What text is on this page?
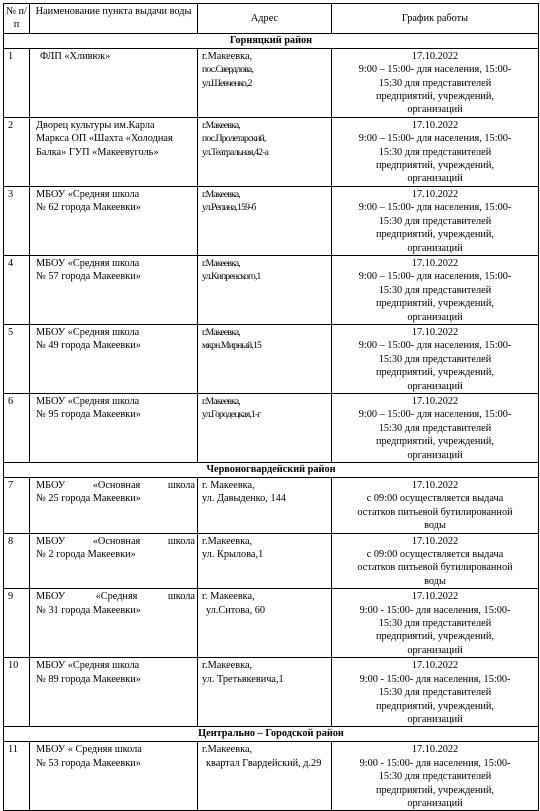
№ п/п	Наименование пункта выдачи воды	Адрес	График работы
Горняцкий район			
1	ФЛП «Хливюк»	г.Макеевка,
пос.Свердлова,
ул.Шевченко,2	17.10.2022
9:00 – 15:00- для населения, 15:00-
15:30 для представителей
предприятий, учреждений,
организаций

2	Дворец культуры им.Карла
Маркса ОП «Шахта «Холодная
Балка» ГУП «Макеевуголь»	г.Макеевка,
пос.Пролетарский,
ул.Театральная,42-а	17.10.2022
9:00 – 15:00- для населения, 15:00-
15:30 для представителей
предприятий, учреждений,
организаций

3	МБОУ «Средняя школа
№ 62 города Макеевки»	г.Макеевка,
ул.Репина,159-б	17.10.2022
9:00 – 15:00- для населения, 15:00-
15:30 для представителей
предприятий, учреждений,
организаций

4	МБОУ «Средняя школа
№ 57 города Макеевки»	г.Макеевка,
ул.Кипренского,1	17.10.2022
9:00 – 15:00- для населения, 15:00-
15:30 для представителей
предприятий, учреждений,
организаций

5	МБОУ «Средняя школа
№ 49 города Макеевки»	г.Макеевка,
мкрн.Мирный,15	17.10.2022
9:00 – 15:00- для населения, 15:00-
15:30 для представителей
предприятий, учреждений,
организаций

6	МБОУ «Средняя школа
№ 95 города Макеевки»	г.Макеевка,
ул.Городецкая,1-г	17.10.2022
9:00 – 15:00- для населения, 15:00-
15:30 для представителей
предприятий, учреждений,
организаций

Червоногвардейский район			
7	МБОУ «Основная школа
№ 25 города Макеевки»	г. Макеевка,
ул. Давыденко, 144	17.10.2022
с 09:00 осуществляется выдача
остатков питьевой бутилированной
воды

8	МБОУ «Основная школа
№ 2 города Макеевки»	г.Макеевка,
ул. Крылова,1	17.10.2022
с 09:00 осуществляется выдача
остатков питьевой бутилированной
воды

9	МБОУ «Средняя школа
№ 31 города Макеевки»	г. Макеевка,
ул.Ситова, 60	17.10.2022
9:00 - 15:00- для населения, 15:00-
15:30 для представителей
предприятий, учреждений,
организаций

10	МБОУ «Средняя школа
№ 89 города Макеевки»	г.Макеевка,
ул. Третьякевича,1	17.10.2022
9:00 - 15:00- для населения, 15:00-
15:30 для представителей
предприятий, учреждений,
организаций

Центрально – Городской район			
11	МБОУ « Средняя школа
№ 53 города Макеевки»	г.Макеевка,
квартал Гвардейский, д.29	17.10.2022
9:00 - 15:00- для населения, 15:00-
15:30 для представителей
предприятий, учреждений,
организаций
